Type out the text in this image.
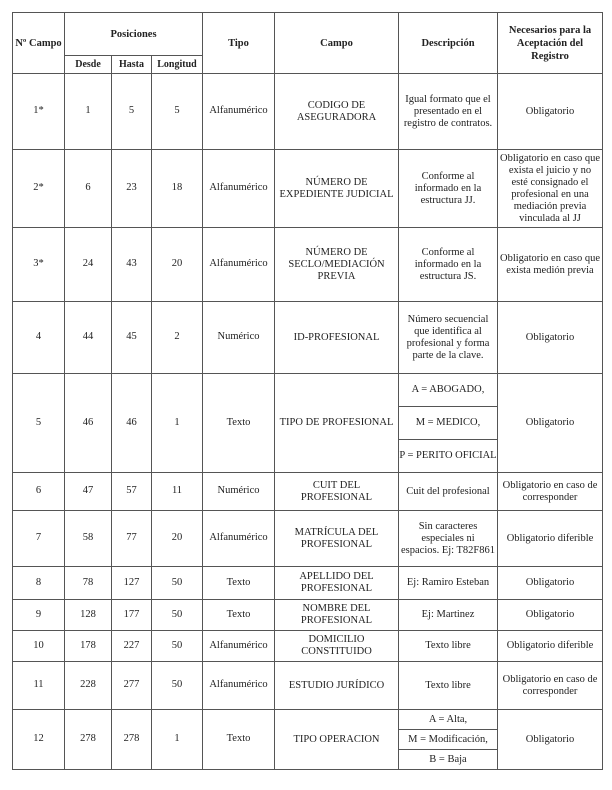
Nº Campo	Posiciones			Tipo	Campo	Descripción	Necesarios para la Aceptación del Registro
	Desde	Hasta	Longitud				
1*	1	5	5	Alfanumérico	CODIGO DE ASEGURADORA	Igual formato que el presentado en el registro de contratos.	Obligatorio
2*	6	23	18	Alfanumérico	NÚMERO DE EXPEDIENTE JUDICIAL	Conforme al informado en la estructura JJ.	Obligatorio en caso que exista el juicio y no esté consignado el profesional en una mediación previa vinculada al JJ
3*	24	43	20	Alfanumérico	NÚMERO DE SECLO/MEDIACIÓN PREVIA	Conforme al informado en la estructura JS.	Obligatorio en caso que exista medión previa
4	44	45	2	Numérico	ID-PROFESIONAL	Número secuencial que identifica al profesional y forma parte de la clave.	Obligatorio
5	46	46	1	Texto	TIPO DE PROFESIONAL	A = ABOGADO,
M = MEDICO,
P = PERITO OFICIAL	Obligatorio
6	47	57	11	Numérico	CUIT DEL PROFESIONAL	Cuit del profesional	Obligatorio en caso de corresponder
7	58	77	20	Alfanumérico	MATRÍCULA DEL PROFESIONAL	Sin caracteres especiales ni espacios. Ej: T82F861	Obligatorio diferible
8	78	127	50	Texto	APELLIDO DEL PROFESIONAL	Ej: Ramiro Esteban	Obligatorio
9	128	177	50	Texto	NOMBRE DEL PROFESIONAL	Ej: Martinez	Obligatorio
10	178	227	50	Alfanumérico	DOMICILIO CONSTITUIDO	Texto libre	Obligatorio diferible
11	228	277	50	Alfanumérico	ESTUDIO JURÍDICO	Texto libre	Obligatorio en caso de corresponder
12	278	278	1	Texto	TIPO OPERACION	A = Alta,
M = Modificación,
B = Baja	Obligatorio
